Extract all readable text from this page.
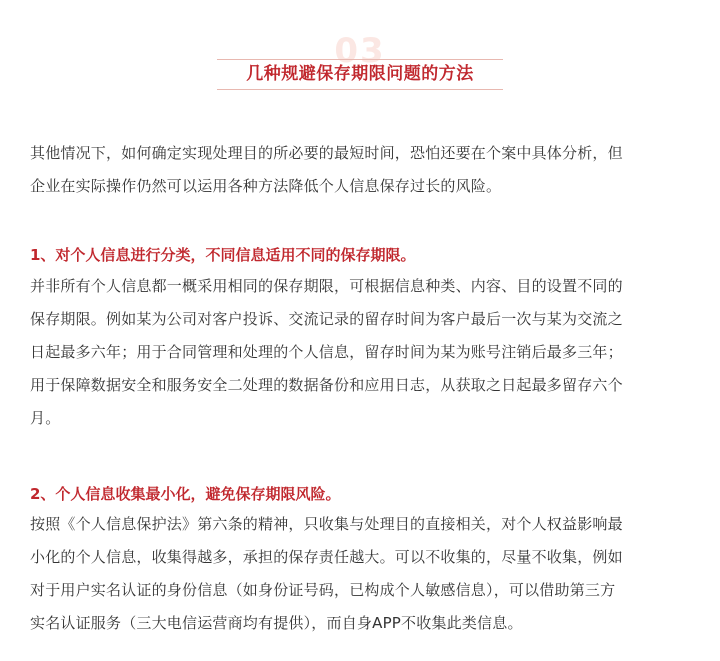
03
几种规避保存期限问题的方法

其他情况下，如何确定实现处理目的所必要的最短时间，恐怕还要在个案中具体分析，但
企业在实际操作仍然可以运用各种方法降低个人信息保存过长的风险。

1、对个人信息进行分类，不同信息适用不同的保存期限。

并非所有个人信息都一概采用相同的保存期限，可根据信息种类、内容、目的设置不同的
保存期限。例如某为公司对客户投诉、交流记录的留存时间为客户最后一次与某为交流之
日起最多六年；用于合同管理和处理的个人信息，留存时间为某为账号注销后最多三年；
用于保障数据安全和服务安全二处理的数据备份和应用日志，从获取之日起最多留存六个
月。

2、个人信息收集最小化，避免保存期限风险。

按照《个人信息保护法》第六条的精神，只收集与处理目的直接相关，对个人权益影响最
小化的个人信息，收集得越多，承担的保存责任越大。可以不收集的，尽量不收集，例如
对于用户实名认证的身份信息（如身份证号码，已构成个人敏感信息），可以借助第三方
实名认证服务（三大电信运营商均有提供），而自身APP不收集此类信息。
